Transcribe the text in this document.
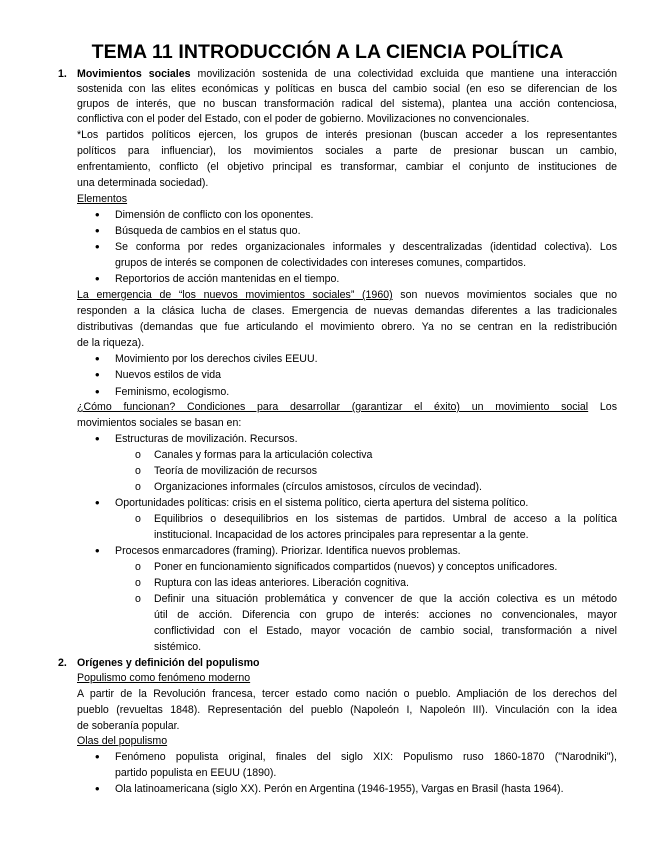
TEMA 11 INTRODUCCIÓN A LA CIENCIA POLÍTICA
1. Movimientos sociales movilización sostenida de una colectividad excluida que mantiene una interacción
sostenida con las elites económicas y políticas en busca del cambio social (en eso se diferencian de los
grupos de interés, que no buscan transformación radical del sistema), plantea una acción contenciosa,
conflictiva con el poder del Estado, con el poder de gobierno. Movilizaciones no convencionales.
*Los partidos políticos ejercen, los grupos de interés presionan (buscan acceder a los representantes
políticos para influenciar), los movimientos sociales a parte de presionar buscan un cambio,
enfrentamiento, conflicto (el objetivo principal es transformar, cambiar el conjunto de instituciones de
una determinada sociedad).
Elementos
• Dimensión de conflicto con los oponentes.
• Búsqueda de cambios en el status quo.
• Se conforma por redes organizacionales informales y descentralizadas (identidad colectiva). Los
grupos de interés se componen de colectividades con intereses comunes, compartidos.
• Reportorios de acción mantenidas en el tiempo.
La emergencia de “los nuevos movimientos sociales” (1960) son nuevos movimientos sociales que no
responden a la clásica lucha de clases. Emergencia de nuevas demandas diferentes a las tradicionales
distributivas (demandas que fue articulando el movimiento obrero. Ya no se centran en la redistribución
de la riqueza).
• Movimiento por los derechos civiles EEUU.
• Nuevos estilos de vida
• Feminismo, ecologismo.
¿Cómo funcionan? Condiciones para desarrollar (garantizar el éxito) un movimiento social Los
movimientos sociales se basan en:
• Estructuras de movilización. Recursos.
o Canales y formas para la articulación colectiva
o Teoría de movilización de recursos
o Organizaciones informales (círculos amistosos, círculos de vecindad).
• Oportunidades políticas: crisis en el sistema político, cierta apertura del sistema político.
o Equilibrios o desequilibrios en los sistemas de partidos. Umbral de acceso a la política
institucional. Incapacidad de los actores principales para representar a la gente.
• Procesos enmarcadores (framing). Priorizar. Identifica nuevos problemas.
o Poner en funcionamiento significados compartidos (nuevos) y conceptos unificadores.
o Ruptura con las ideas anteriores. Liberación cognitiva.
o Definir una situación problemática y convencer de que la acción colectiva es un método
útil de acción. Diferencia con grupo de interés: acciones no convencionales, mayor
conflictividad con el Estado, mayor vocación de cambio social, transformación a nivel
sistémico.
2. Orígenes y definición del populismo
Populismo como fenómeno moderno
A partir de la Revolución francesa, tercer estado como nación o pueblo. Ampliación de los derechos del
pueblo (revueltas 1848). Representación del pueblo (Napoleón I, Napoleón III). Vinculación con la idea
de soberanía popular.
Olas del populismo
• Fenómeno populista original, finales del siglo XIX: Populismo ruso 1860-1870 ("Narodniki"),
partido populista en EEUU (1890).
• Ola latinoamericana (siglo XX). Perón en Argentina (1946-1955), Vargas en Brasil (hasta 1964).
